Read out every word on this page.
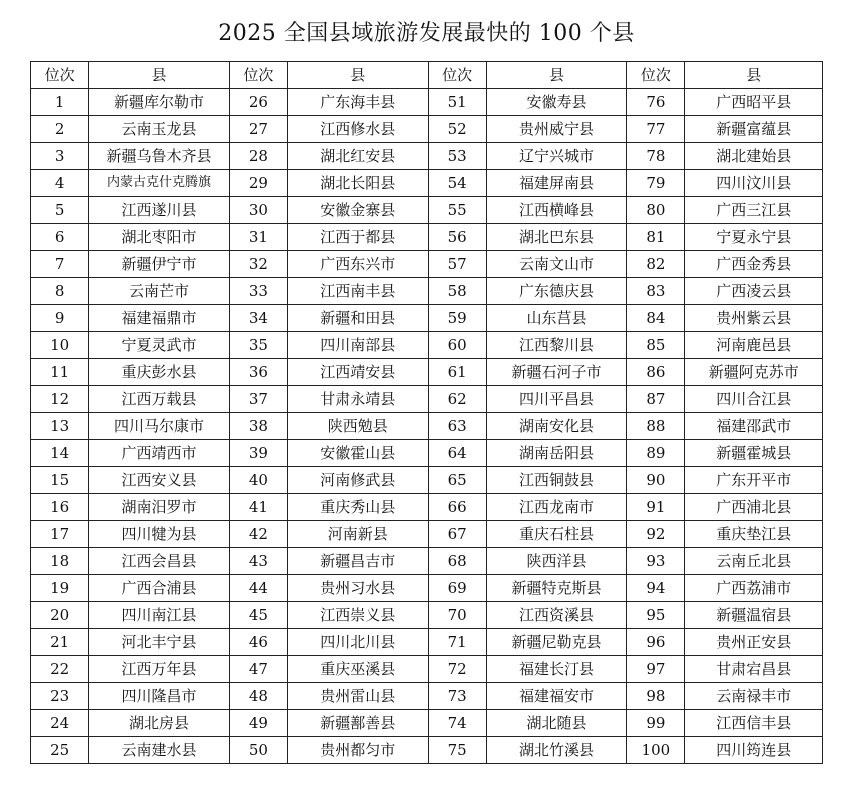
2025 全国县域旅游发展最快的 100 个县
位次	县	位次	县	位次	县	位次	县
1	新疆库尔勒市	26	广东海丰县	51	安徽寿县	76	广西昭平县
2	云南玉龙县	27	江西修水县	52	贵州威宁县	77	新疆富蕴县
3	新疆乌鲁木齐县	28	湖北红安县	53	辽宁兴城市	78	湖北建始县
4	内蒙古克什克腾旗	29	湖北长阳县	54	福建屏南县	79	四川汶川县
5	江西遂川县	30	安徽金寨县	55	江西横峰县	80	广西三江县
6	湖北枣阳市	31	江西于都县	56	湖北巴东县	81	宁夏永宁县
7	新疆伊宁市	32	广西东兴市	57	云南文山市	82	广西金秀县
8	云南芒市	33	江西南丰县	58	广东德庆县	83	广西凌云县
9	福建福鼎市	34	新疆和田县	59	山东莒县	84	贵州紫云县
10	宁夏灵武市	35	四川南部县	60	江西黎川县	85	河南鹿邑县
11	重庆彭水县	36	江西靖安县	61	新疆石河子市	86	新疆阿克苏市
12	江西万载县	37	甘肃永靖县	62	四川平昌县	87	四川合江县
13	四川马尔康市	38	陕西勉县	63	湖南安化县	88	福建邵武市
14	广西靖西市	39	安徽霍山县	64	湖南岳阳县	89	新疆霍城县
15	江西安义县	40	河南修武县	65	江西铜鼓县	90	广东开平市
16	湖南汨罗市	41	重庆秀山县	66	江西龙南市	91	广西浦北县
17	四川犍为县	42	河南新县	67	重庆石柱县	92	重庆垫江县
18	江西会昌县	43	新疆昌吉市	68	陕西洋县	93	云南丘北县
19	广西合浦县	44	贵州习水县	69	新疆特克斯县	94	广西荔浦市
20	四川南江县	45	江西崇义县	70	江西资溪县	95	新疆温宿县
21	河北丰宁县	46	四川北川县	71	新疆尼勒克县	96	贵州正安县
22	江西万年县	47	重庆巫溪县	72	福建长汀县	97	甘肃宕昌县
23	四川隆昌市	48	贵州雷山县	73	福建福安市	98	云南禄丰市
24	湖北房县	49	新疆鄯善县	74	湖北随县	99	江西信丰县
25	云南建水县	50	贵州都匀市	75	湖北竹溪县	100	四川筠连县
